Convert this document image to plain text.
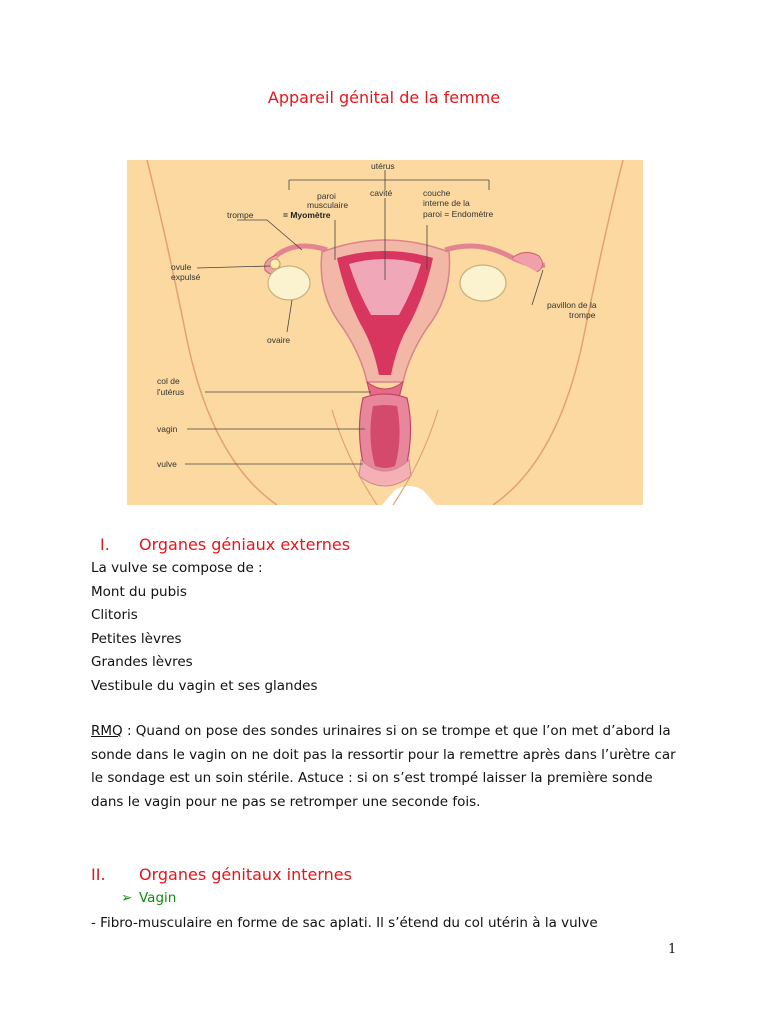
Appareil génital de la femme
utérus
paroi
musculaire
= Myomètre
cavité	couche
interne de la
paroi = Endomètre
trompe
ovule
expulsé
ovaire
pavillon de la
trompe
col de
l'utérus
vagin
vulve
I. Organes géniaux externes
La vulve se compose de :
Mont du pubis
Clitoris
Petites lèvres
Grandes lèvres
Vestibule du vagin et ses glandes
RMQ : Quand on pose des sondes urinaires si on se trompe et que l’on met d’abord la sonde dans le vagin on ne doit pas la ressortir pour la remettre après dans l’urètre car le sondage est un soin stérile. Astuce : si on s’est trompé laisser la première sonde dans le vagin pour ne pas se retromper une seconde fois.
II. Organes génitaux internes
➢ Vagin
- Fibro-musculaire en forme de sac aplati. Il s’étend du col utérin à la vulve
1
